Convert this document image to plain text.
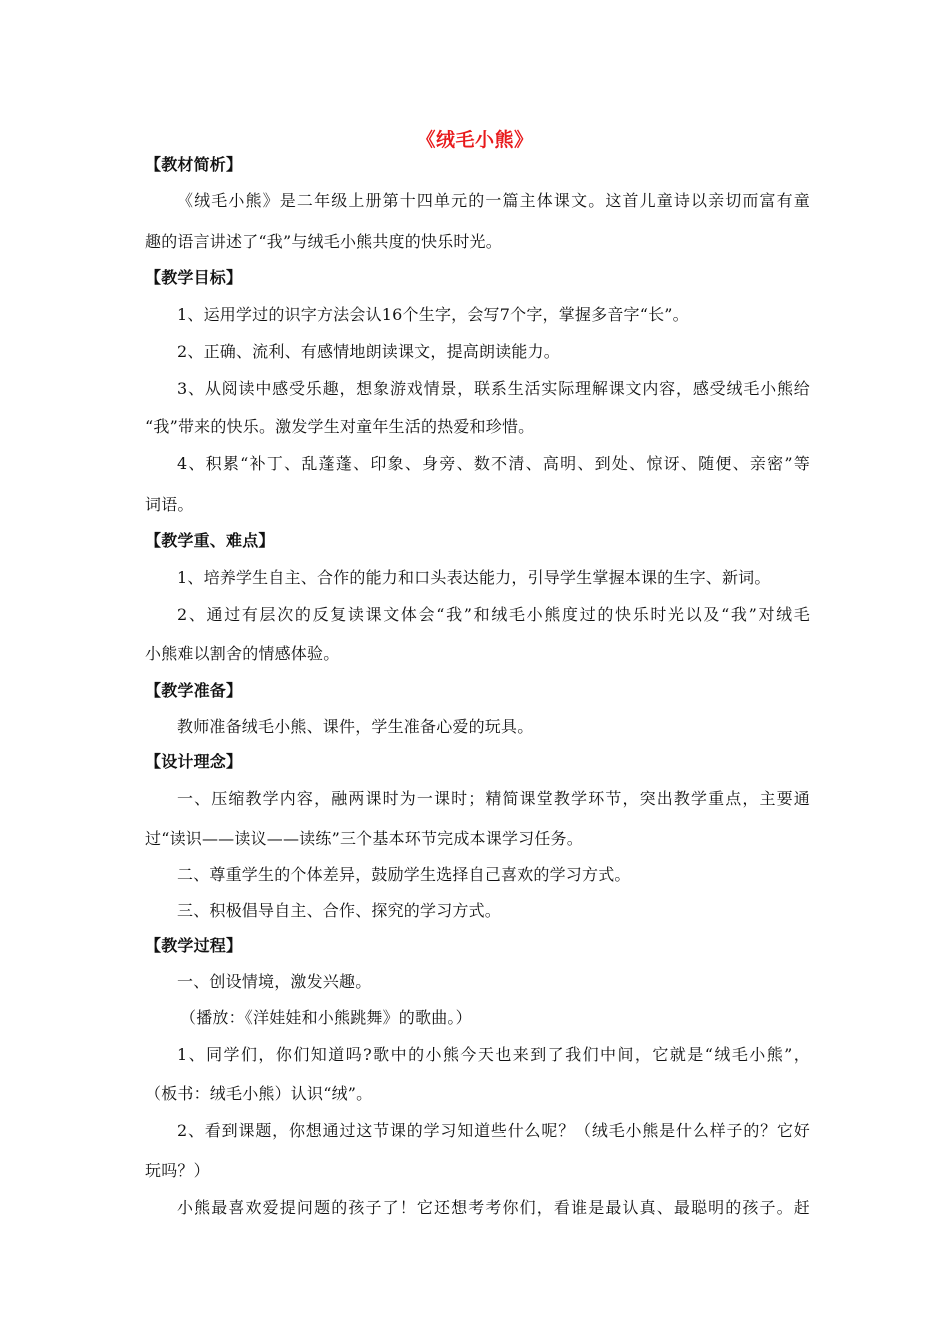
《绒毛小熊》
【教材简析】
《绒毛小熊》是二年级上册第十四单元的一篇主体课文。这首儿童诗以亲切而富有童
趣的语言讲述了“我”与绒毛小熊共度的快乐时光。
【教学目标】
1、运用学过的识字方法会认16个生字，会写7个字，掌握多音字“长”。
2、正确、流利、有感情地朗读课文，提高朗读能力。
3、从阅读中感受乐趣，想象游戏情景，联系生活实际理解课文内容，感受绒毛小熊给
“我”带来的快乐。激发学生对童年生活的热爱和珍惜。
4、积累“补丁、乱蓬蓬、印象、身旁、数不清、高明、到处、惊讶、随便、亲密”等
词语。
【教学重、难点】
1、培养学生自主、合作的能力和口头表达能力，引导学生掌握本课的生字、新词。
2、通过有层次的反复读课文体会“我”和绒毛小熊度过的快乐时光以及“我”对绒毛
小熊难以割舍的情感体验。
【教学准备】
教师准备绒毛小熊、课件，学生准备心爱的玩具。
【设计理念】
一、压缩教学内容，融两课时为一课时；精简课堂教学环节，突出教学重点，主要通
过“读识——读议——读练”三个基本环节完成本课学习任务。
二、尊重学生的个体差异，鼓励学生选择自己喜欢的学习方式。
三、积极倡导自主、合作、探究的学习方式。
【教学过程】
一、创设情境，激发兴趣。
（播放：《洋娃娃和小熊跳舞》的歌曲。）
1、同学们，你们知道吗?歌中的小熊今天也来到了我们中间，它就是“绒毛小熊”，
（板书：绒毛小熊）认识“绒”。
2、看到课题，你想通过这节课的学习知道些什么呢？（绒毛小熊是什么样子的？它好
玩吗？）
小熊最喜欢爱提问题的孩子了！它还想考考你们，看谁是最认真、最聪明的孩子。赶
